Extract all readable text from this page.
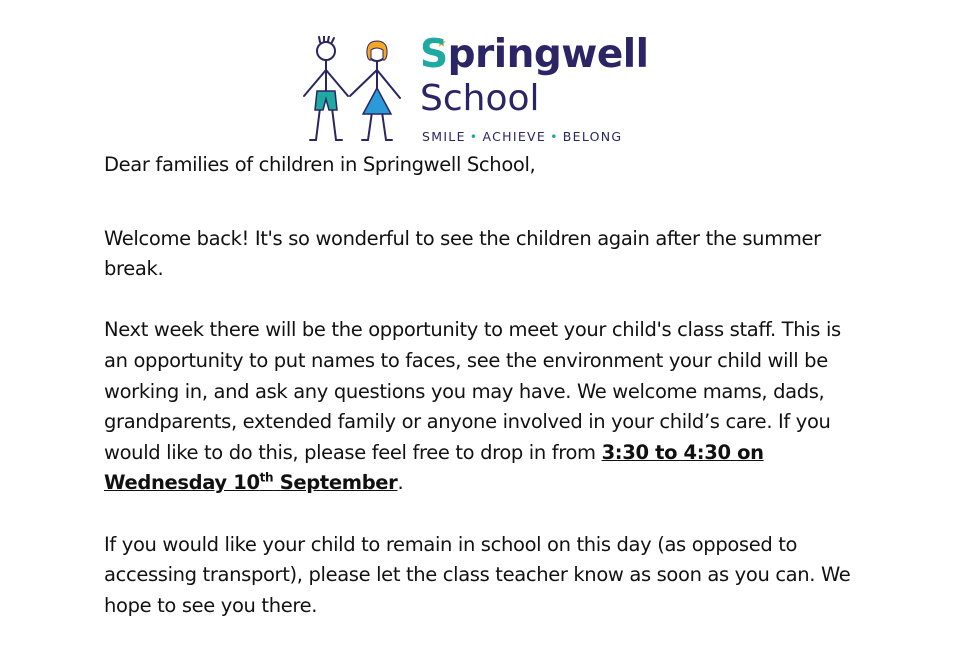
Springwell
School
SMILE • ACHIEVE • BELONG

Dear families of children in Springwell School,

Welcome back! It's so wonderful to see the children again after the summer break.

Next week there will be the opportunity to meet your child's class staff. This is an opportunity to put names to faces, see the environment your child will be working in, and ask any questions you may have. We welcome mams, dads, grandparents, extended family or anyone involved in your child’s care. If you would like to do this, please feel free to drop in from 3:30 to 4:30 on Wednesday 10th September.

If you would like your child to remain in school on this day (as opposed to accessing transport), please let the class teacher know as soon as you can. We hope to see you there.
